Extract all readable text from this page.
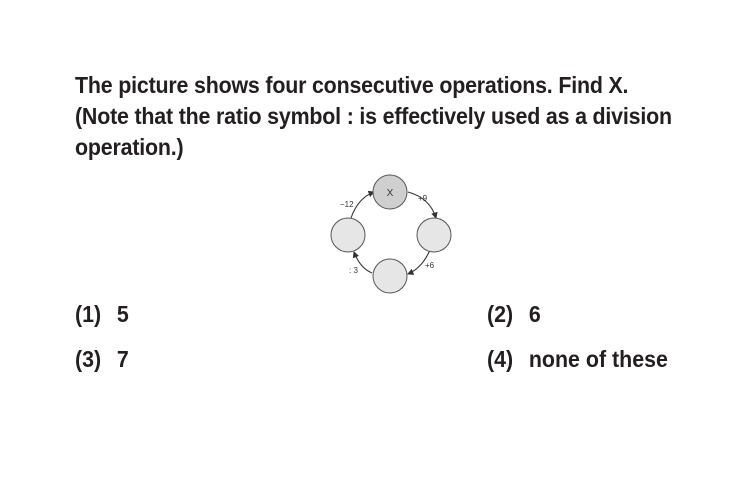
The picture shows four consecutive operations. Find X.
(Note that the ratio symbol : is effectively used as a division
operation.)
X	+9
+6
: 3
−12
(1) 5	(2) 6
(3) 7	(4) none of these
